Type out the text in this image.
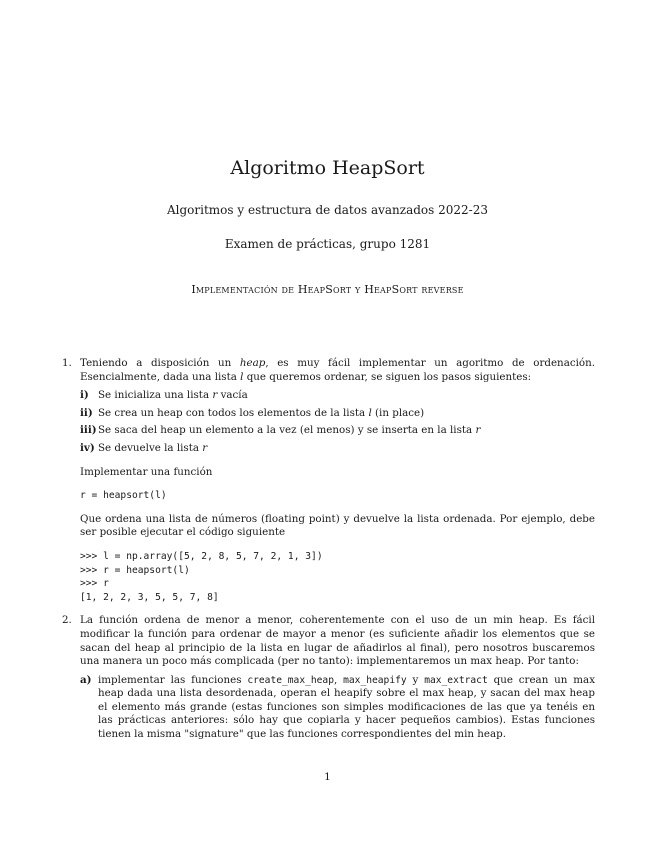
Algoritmo HeapSort
Algoritmos y estructura de datos avanzados 2022-23
Examen de prácticas, grupo 1281
Implementación de HeapSort y HeapSort reverse
1. Teniendo a disposición un heap, es muy fácil implementar un agoritmo de ordenación. Esencialmente, dada una lista l que queremos ordenar, se siguen los pasos siguientes:
i) Se inicializa una lista r vacía
ii) Se crea un heap con todos los elementos de la lista l (in place)
iii) Se saca del heap un elemento a la vez (el menos) y se inserta en la lista r
iv) Se devuelve la lista r
Implementar una función
r = heapsort(l)
Que ordena una lista de números (floating point) y devuelve la lista ordenada. Por ejemplo, debe ser posible ejecutar el código siguiente
>>> l = np.array([5, 2, 8, 5, 7, 2, 1, 3])
>>> r = heapsort(l)
>>> r
[1, 2, 2, 3, 5, 5, 7, 8]
2. La función ordena de menor a menor, coherentemente con el uso de un min heap. Es fácil modificar la función para ordenar de mayor a menor (es suficiente añadir los elementos que se sacan del heap al principio de la lista en lugar de añadirlos al final), pero nosotros buscaremos una manera un poco más complicada (per no tanto): implementaremos un max heap. Por tanto:
a) implementar las funciones create_max_heap, max_heapify y max_extract que crean un max heap dada una lista desordenada, operan el heapify sobre el max heap, y sacan del max heap el elemento más grande (estas funciones son simples modificaciones de las que ya tenéis en las prácticas anteriores: sólo hay que copiarla y hacer pequeños cambios). Estas funciones tienen la misma "signature" que las funciones correspondientes del min heap.
1
